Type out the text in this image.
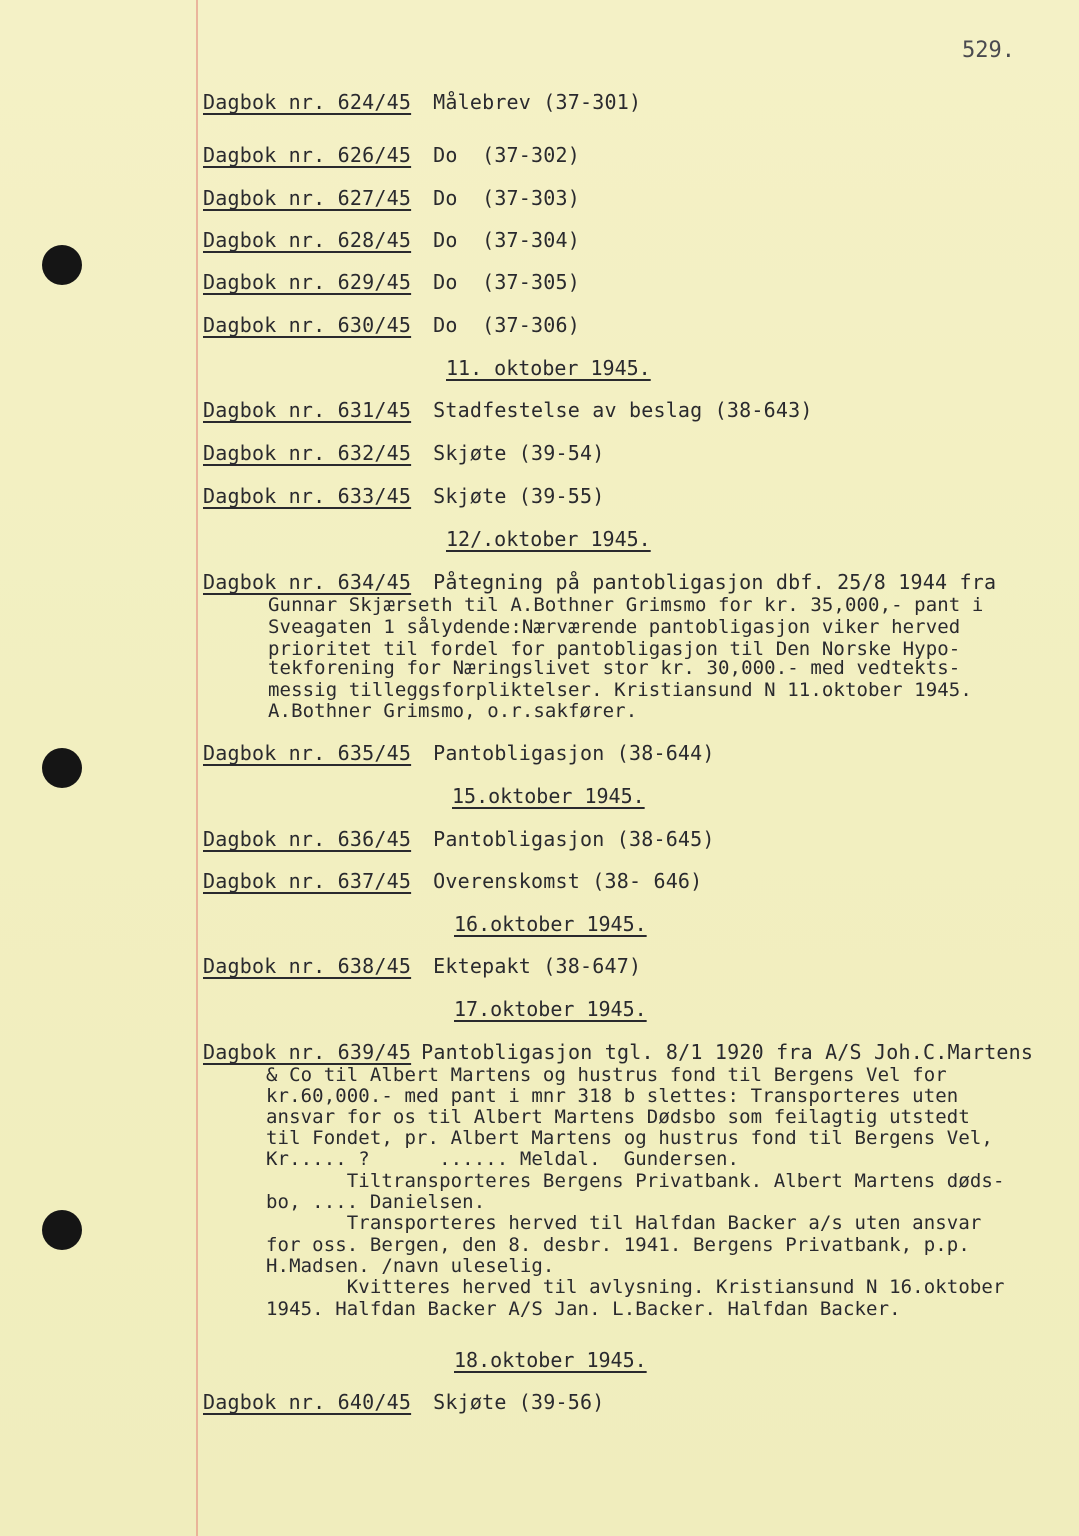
529.
Dagbok nr. 624/45 Målebrev (37-301)
Dagbok nr. 626/45 Do  (37-302)
Dagbok nr. 627/45 Do  (37-303)
Dagbok nr. 628/45 Do  (37-304)
Dagbok nr. 629/45 Do  (37-305)
Dagbok nr. 630/45 Do  (37-306)
11. oktober 1945.
Dagbok nr. 631/45 Stadfestelse av beslag (38-643)
Dagbok nr. 632/45 Skjøte (39-54)
Dagbok nr. 633/45 Skjøte (39-55)
12/.oktober 1945.
Dagbok nr. 634/45 Påtegning på pantobligasjon dbf. 25/8 1944 fra
Gunnar Skjærseth til A.Bothner Grimsmo for kr. 35,000,- pant i
Sveagaten 1 sålydende:Nærværende pantobligasjon viker herved
prioritet til fordel for pantobligasjon til Den Norske Hypo-
tekforening for Næringslivet stor kr. 30,000.- med vedtekts-
messig tilleggsforpliktelser. Kristiansund N 11.oktober 1945.
A.Bothner Grimsmo, o.r.sakfører.
Dagbok nr. 635/45 Pantobligasjon (38-644)
15.oktober 1945.
Dagbok nr. 636/45 Pantobligasjon (38-645)
Dagbok nr. 637/45 Overenskomst (38- 646)
16.oktober 1945.
Dagbok nr. 638/45 Ektepakt (38-647)
17.oktober 1945.
Dagbok nr. 639/45 Pantobligasjon tgl. 8/1 1920 fra A/S Joh.C.Martens
& Co til Albert Martens og hustrus fond til Bergens Vel for
kr.60,000.- med pant i mnr 318 b slettes: Transporteres uten
ansvar for os til Albert Martens Dødsbo som feilagtig utstedt
til Fondet, pr. Albert Martens og hustrus fond til Bergens Vel,
Kr..... ?      ...... Meldal.  Gundersen.
Tiltransporteres Bergens Privatbank. Albert Martens døds-
bo, .... Danielsen.
Transporteres herved til Halfdan Backer a/s uten ansvar
for oss. Bergen, den 8. desbr. 1941. Bergens Privatbank, p.p.
H.Madsen. /navn uleselig.
Kvitteres herved til avlysning. Kristiansund N 16.oktober
1945. Halfdan Backer A/S Jan. L.Backer. Halfdan Backer.
18.oktober 1945.
Dagbok nr. 640/45 Skjøte (39-56)
